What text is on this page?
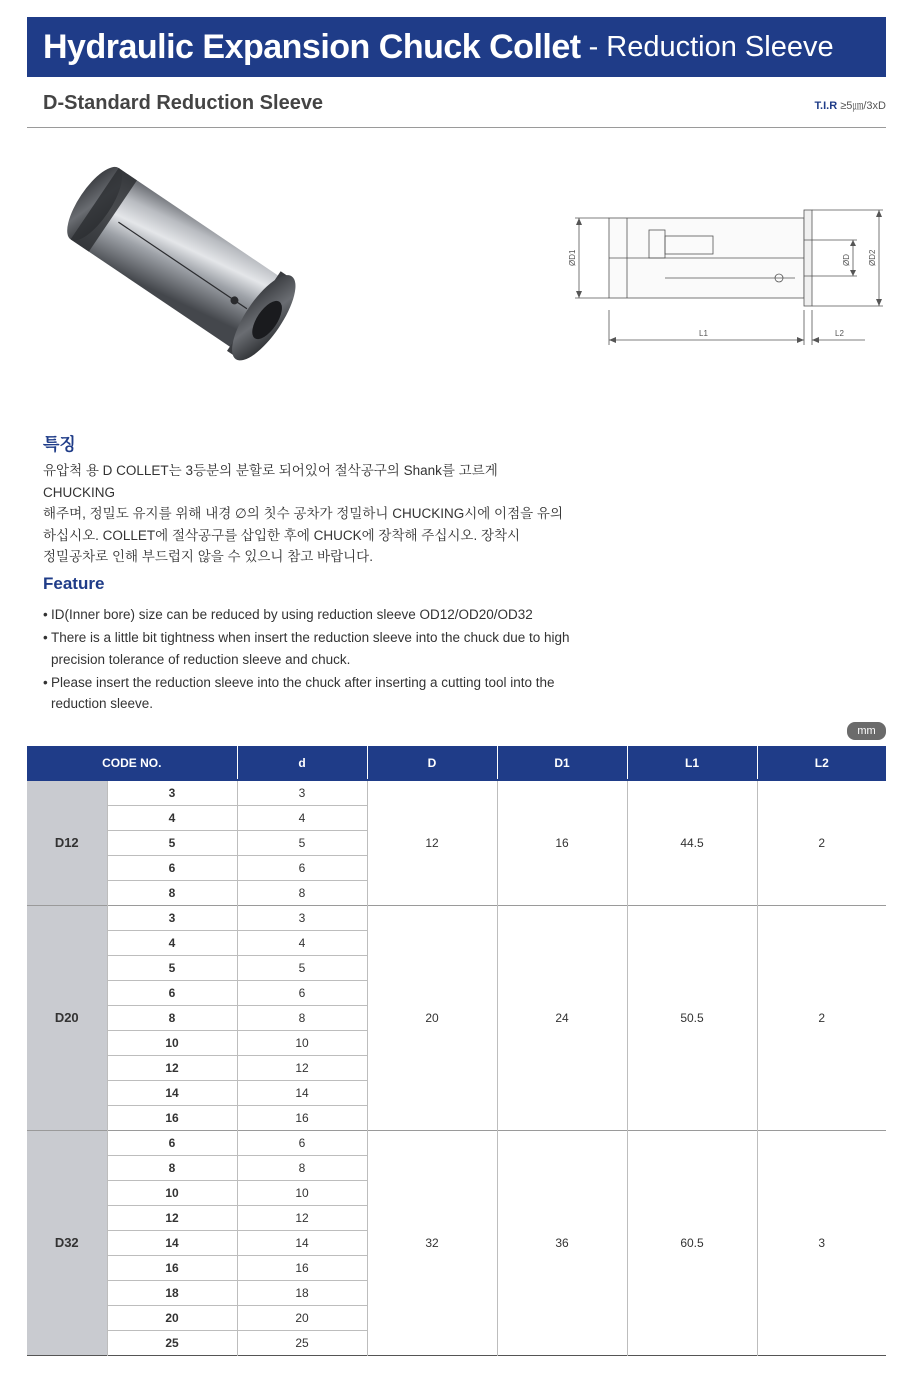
Hydraulic Expansion Chuck Collet - Reduction Sleeve
D-Standard Reduction Sleeve	T.I.R ≥5㎛/3xD
ØD1	ØD ØD2
L1	L2
특징
유압척 용 D COLLET는 3등분의 분할로 되어있어 절삭공구의 Shank를 고르게 CHUCKING
해주며, 정밀도 유지를 위해 내경 ∅의 칫수 공차가 정밀하니 CHUCKING시에 이점을 유의
하십시오. COLLET에 절삭공구를 삽입한 후에 CHUCK에 장착해 주십시오. 장착시
정밀공차로 인해 부드럽지 않을 수 있으니 참고 바랍니다.
Feature
• ID(Inner bore) size can be reduced by using reduction sleeve OD12/OD20/OD32
• There is a little bit tightness when insert the reduction sleeve into the chuck due to high precision tolerance of reduction sleeve and chuck.
• Please insert the reduction sleeve into the chuck after inserting a cutting tool into the reduction sleeve.
mm
CODE NO.		d	D	D1	L1	L2
D12	3	3	12	16	44.5	2
	4	4				
	5	5				
	6	6				
	8	8				
D20	3	3	20	24	50.5	2
	4	4				
	5	5				
	6	6				
	8	8				
	10	10				
	12	12				
	14	14				
	16	16				
D32	6	6	32	36	60.5	3
	8	8				
	10	10				
	12	12				
	14	14				
	16	16				
	18	18				
	20	20				
	25	25				
